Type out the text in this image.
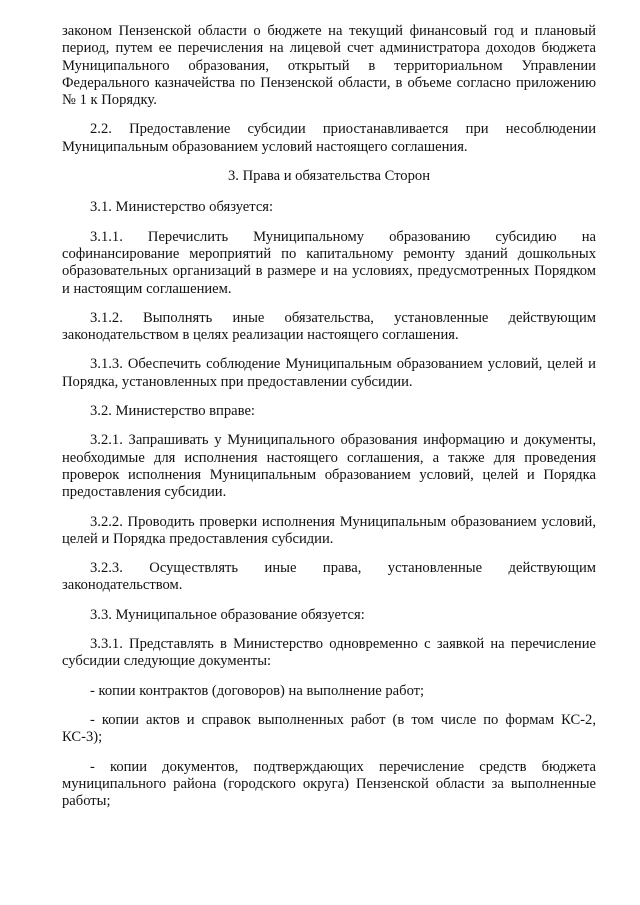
законом Пензенской области о бюджете на текущий финансовый год и плановый период, путем ее перечисления на лицевой счет администратора доходов бюджета Муниципального образования, открытый в территориальном Управлении Федерального казначейства по Пензенской области, в объеме согласно приложению № 1 к Порядку.

2.2. Предоставление субсидии приостанавливается при несоблюдении Муниципальным образованием условий настоящего соглашения.

3. Права и обязательства Сторон

3.1. Министерство обязуется:

3.1.1. Перечислить Муниципальному образованию субсидию на софинансирование мероприятий по капитальному ремонту зданий дошкольных образовательных организаций в размере и на условиях, предусмотренных Порядком и настоящим соглашением.

3.1.2. Выполнять иные обязательства, установленные действующим законодательством в целях реализации настоящего соглашения.

3.1.3. Обеспечить соблюдение Муниципальным образованием условий, целей и Порядка, установленных при предоставлении субсидии.

3.2. Министерство вправе:

3.2.1. Запрашивать у Муниципального образования информацию и документы, необходимые для исполнения настоящего соглашения, а также для проведения проверок исполнения Муниципальным образованием условий, целей и Порядка предоставления субсидии.

3.2.2. Проводить проверки исполнения Муниципальным образованием условий, целей и Порядка предоставления субсидии.

3.2.3. Осуществлять иные права, установленные действующим законодательством.

3.3. Муниципальное образование обязуется:

3.3.1. Представлять в Министерство одновременно с заявкой на перечисление субсидии следующие документы:

- копии контрактов (договоров) на выполнение работ;

- копии актов и справок выполненных работ (в том числе по формам КС-2, КС-3);

- копии документов, подтверждающих перечисление средств бюджета муниципального района (городского округа) Пензенской области за выполненные работы;
